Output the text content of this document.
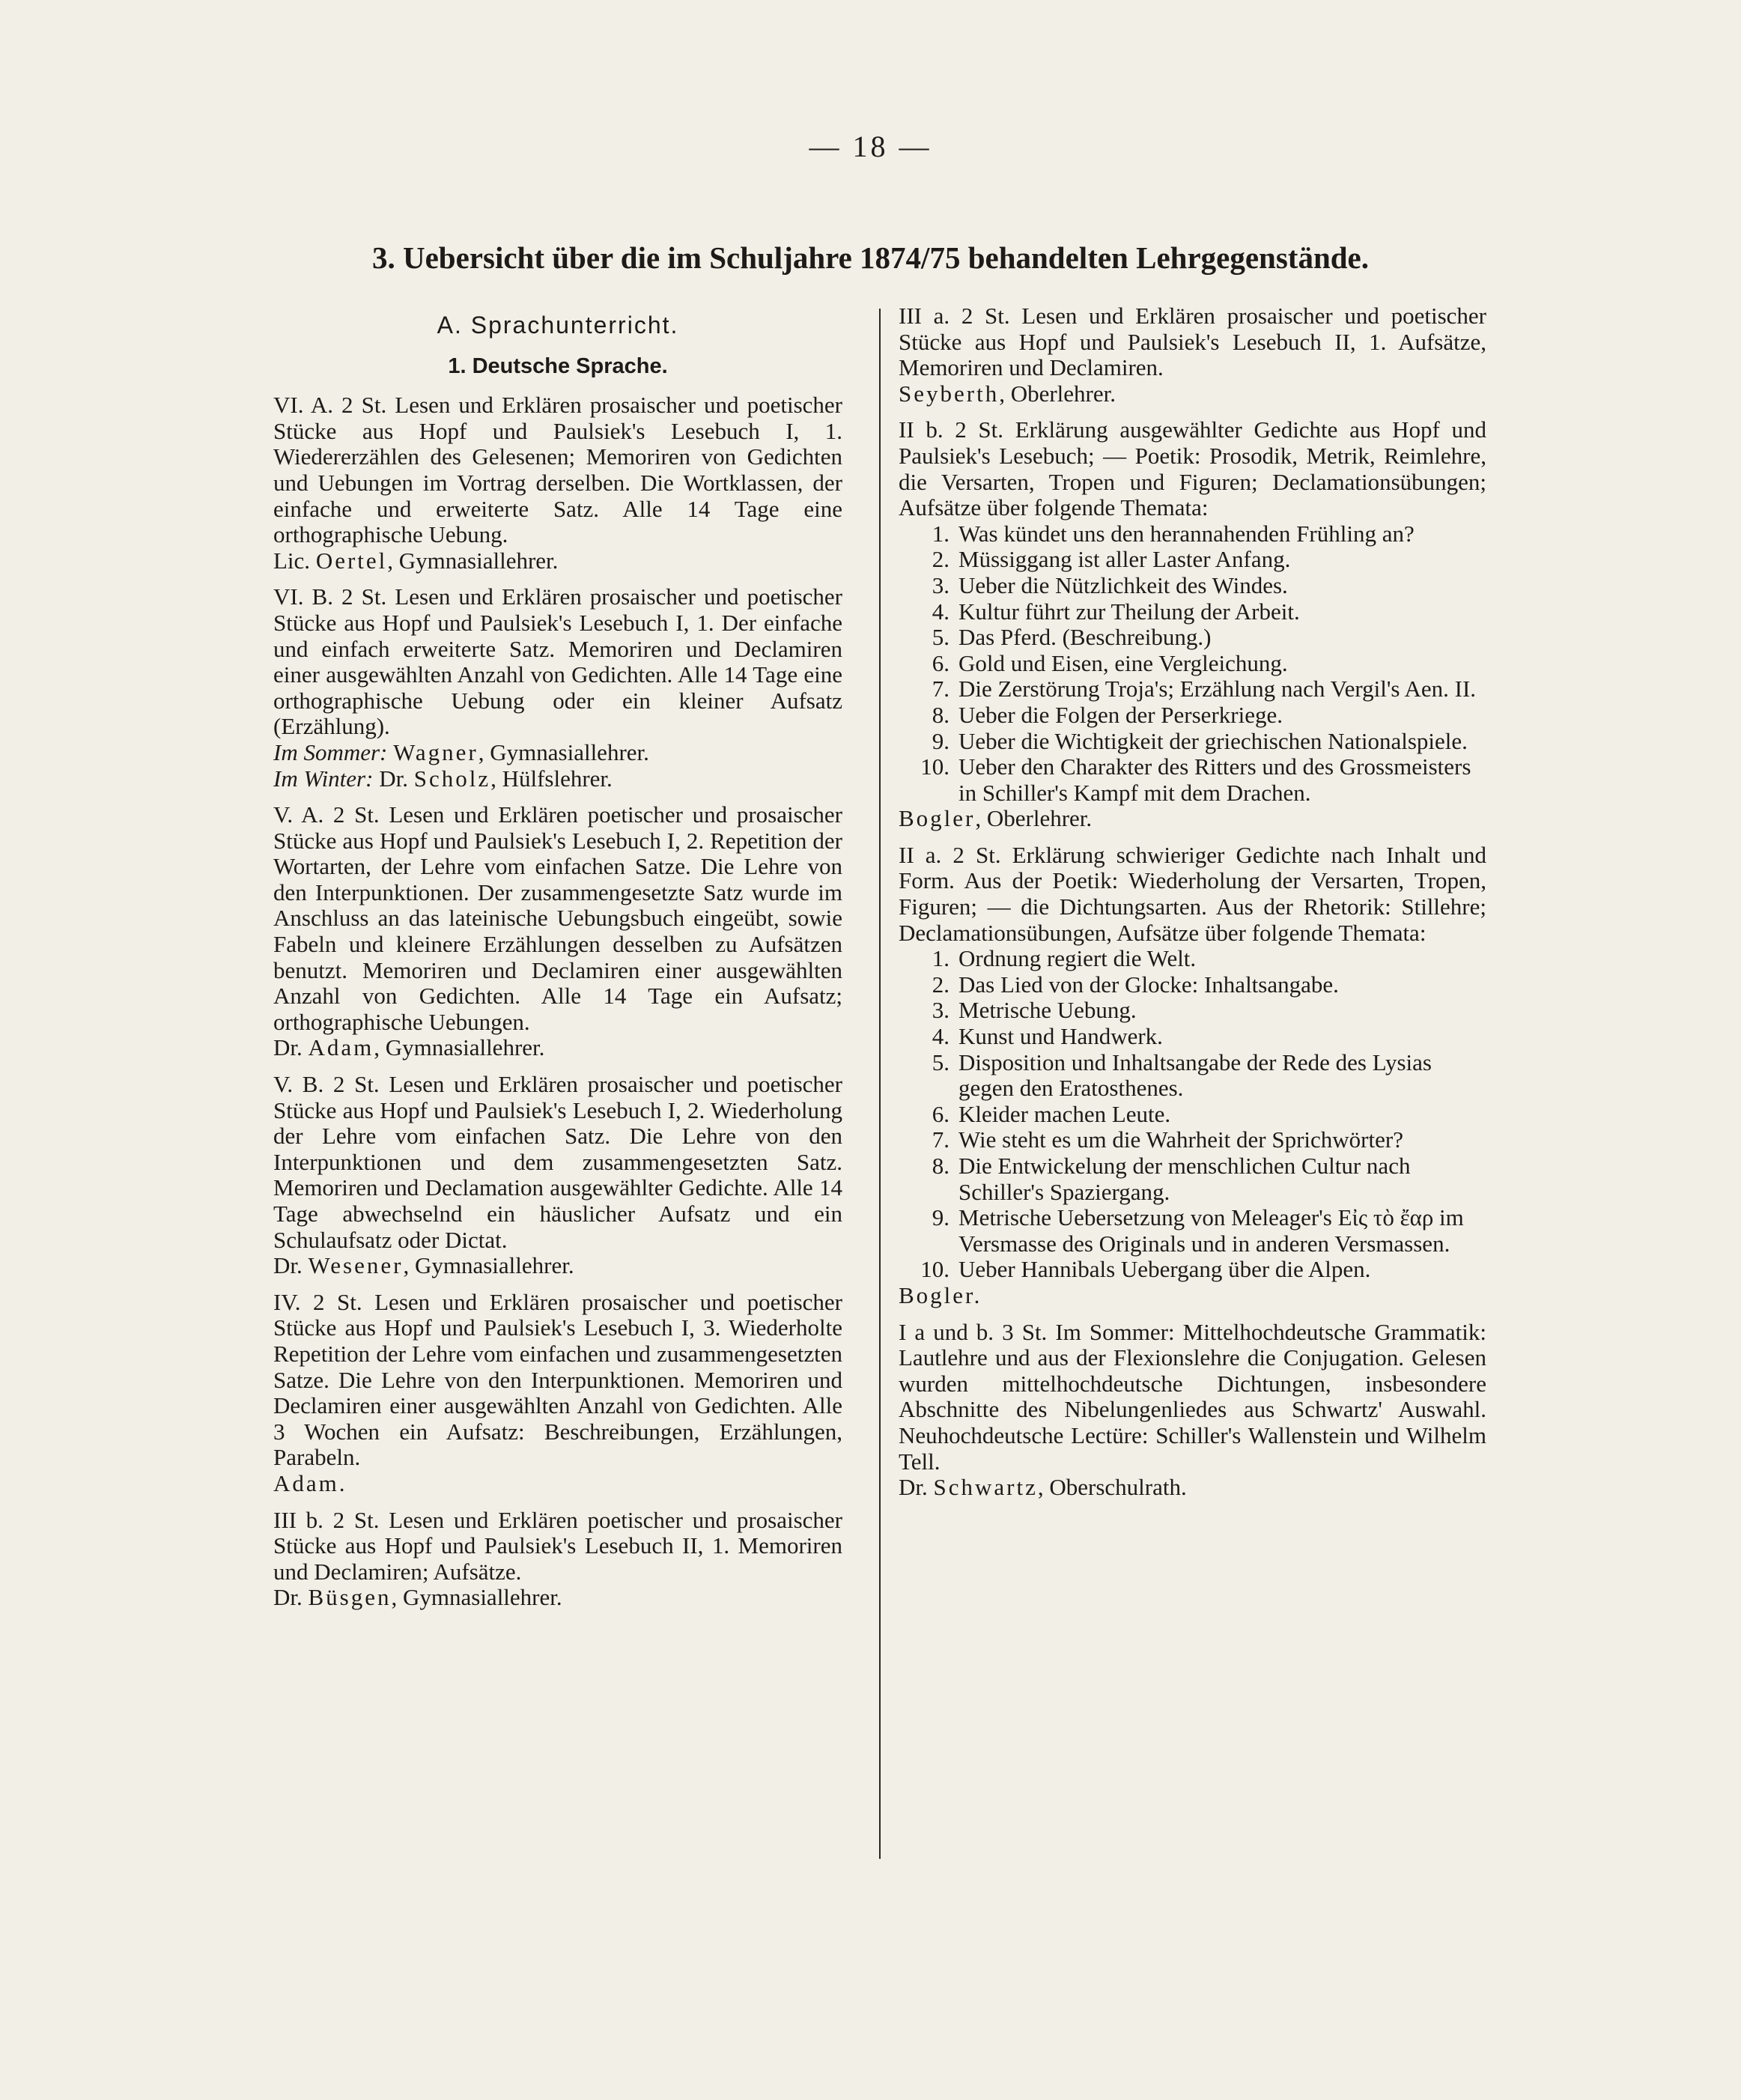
— 18 —
3. Uebersicht über die im Schuljahre 1874/75 behandelten Lehrgegenstände.
A. Sprachunterricht.
1. Deutsche Sprache.

VI. A. 2 St. Lesen und Erklären prosaischer und poetischer Stücke aus Hopf und Paulsiek's Lesebuch I, 1. Wiedererzählen des Gelesenen; Memoriren von Gedichten und Uebungen im Vortrag derselben. Die Wortklassen, der einfache und erweiterte Satz. Alle 14 Tage eine orthographische Uebung.

Lic. Oertel, Gymnasiallehrer.

VI. B. 2 St. Lesen und Erklären prosaischer und poetischer Stücke aus Hopf und Paulsiek's Lesebuch I, 1. Der einfache und einfach erweiterte Satz. Memoriren und Declamiren einer ausgewählten Anzahl von Gedichten. Alle 14 Tage eine orthographische Uebung oder ein kleiner Aufsatz (Erzählung).

Im Sommer: Wagner, Gymnasiallehrer.

Im Winter: Dr. Scholz, Hülfslehrer.

V. A. 2 St. Lesen und Erklären poetischer und prosaischer Stücke aus Hopf und Paulsiek's Lesebuch I, 2. Repetition der Wortarten, der Lehre vom einfachen Satze. Die Lehre von den Interpunktionen. Der zusammengesetzte Satz wurde im Anschluss an das lateinische Uebungsbuch eingeübt, sowie Fabeln und kleinere Erzählungen desselben zu Aufsätzen benutzt. Memoriren und Declamiren einer ausgewählten Anzahl von Gedichten. Alle 14 Tage ein Aufsatz; orthographische Uebungen.

Dr. Adam, Gymnasiallehrer.

V. B. 2 St. Lesen und Erklären prosaischer und poetischer Stücke aus Hopf und Paulsiek's Lesebuch I, 2. Wiederholung der Lehre vom einfachen Satz. Die Lehre von den Interpunktionen und dem zusammengesetzten Satz. Memoriren und Declamation ausgewählter Gedichte. Alle 14 Tage abwechselnd ein häuslicher Aufsatz und ein Schulaufsatz oder Dictat.

Dr. Wesener, Gymnasiallehrer.

IV. 2 St. Lesen und Erklären prosaischer und poetischer Stücke aus Hopf und Paulsiek's Lesebuch I, 3. Wiederholte Repetition der Lehre vom einfachen und zusammengesetzten Satze. Die Lehre von den Interpunktionen. Memoriren und Declamiren einer ausgewählten Anzahl von Gedichten. Alle 3 Wochen ein Aufsatz: Beschreibungen, Erzählungen, Parabeln.

Adam.

III b. 2 St. Lesen und Erklären poetischer und prosaischer Stücke aus Hopf und Paulsiek's Lesebuch II, 1. Memoriren und Declamiren; Aufsätze.

Dr. Büsgen, Gymnasiallehrer.

III a. 2 St. Lesen und Erklären prosaischer und poetischer Stücke aus Hopf und Paulsiek's Lesebuch II, 1. Aufsätze, Memoriren und Declamiren.

Seyberth, Oberlehrer.

II b. 2 St. Erklärung ausgewählter Gedichte aus Hopf und Paulsiek's Lesebuch; — Poetik: Prosodik, Metrik, Reimlehre, die Versarten, Tropen und Figuren; Declamationsübungen; Aufsätze über folgende Themata:

1. Was kündet uns den herannahenden Frühling an?
2. Müssiggang ist aller Laster Anfang.
3. Ueber die Nützlichkeit des Windes.
4. Kultur führt zur Theilung der Arbeit.
5. Das Pferd. (Beschreibung.)
6. Gold und Eisen, eine Vergleichung.
7. Die Zerstörung Troja's; Erzählung nach Vergil's Aen. II.
8. Ueber die Folgen der Perserkriege.
9. Ueber die Wichtigkeit der griechischen Nationalspiele.
10. Ueber den Charakter des Ritters und des Grossmeisters in Schiller's Kampf mit dem Drachen.

Bogler, Oberlehrer.

II a. 2 St. Erklärung schwieriger Gedichte nach Inhalt und Form. Aus der Poetik: Wiederholung der Versarten, Tropen, Figuren; — die Dichtungsarten. Aus der Rhetorik: Stillehre; Declamationsübungen, Aufsätze über folgende Themata:

1. Ordnung regiert die Welt.
2. Das Lied von der Glocke: Inhaltsangabe.
3. Metrische Uebung.
4. Kunst und Handwerk.
5. Disposition und Inhaltsangabe der Rede des Lysias gegen den Eratosthenes.
6. Kleider machen Leute.
7. Wie steht es um die Wahrheit der Sprichwörter?
8. Die Entwickelung der menschlichen Cultur nach Schiller's Spaziergang.
9. Metrische Uebersetzung von Meleager's Εἰς τὸ ἔαρ im Versmasse des Originals und in anderen Versmassen.
10. Ueber Hannibals Uebergang über die Alpen.

Bogler.

I a und b. 3 St. Im Sommer: Mittelhochdeutsche Grammatik: Lautlehre und aus der Flexionslehre die Conjugation. Gelesen wurden mittelhochdeutsche Dichtungen, insbesondere Abschnitte des Nibelungenliedes aus Schwartz' Auswahl. Neuhochdeutsche Lectüre: Schiller's Wallenstein und Wilhelm Tell.

Dr. Schwartz, Oberschulrath.
